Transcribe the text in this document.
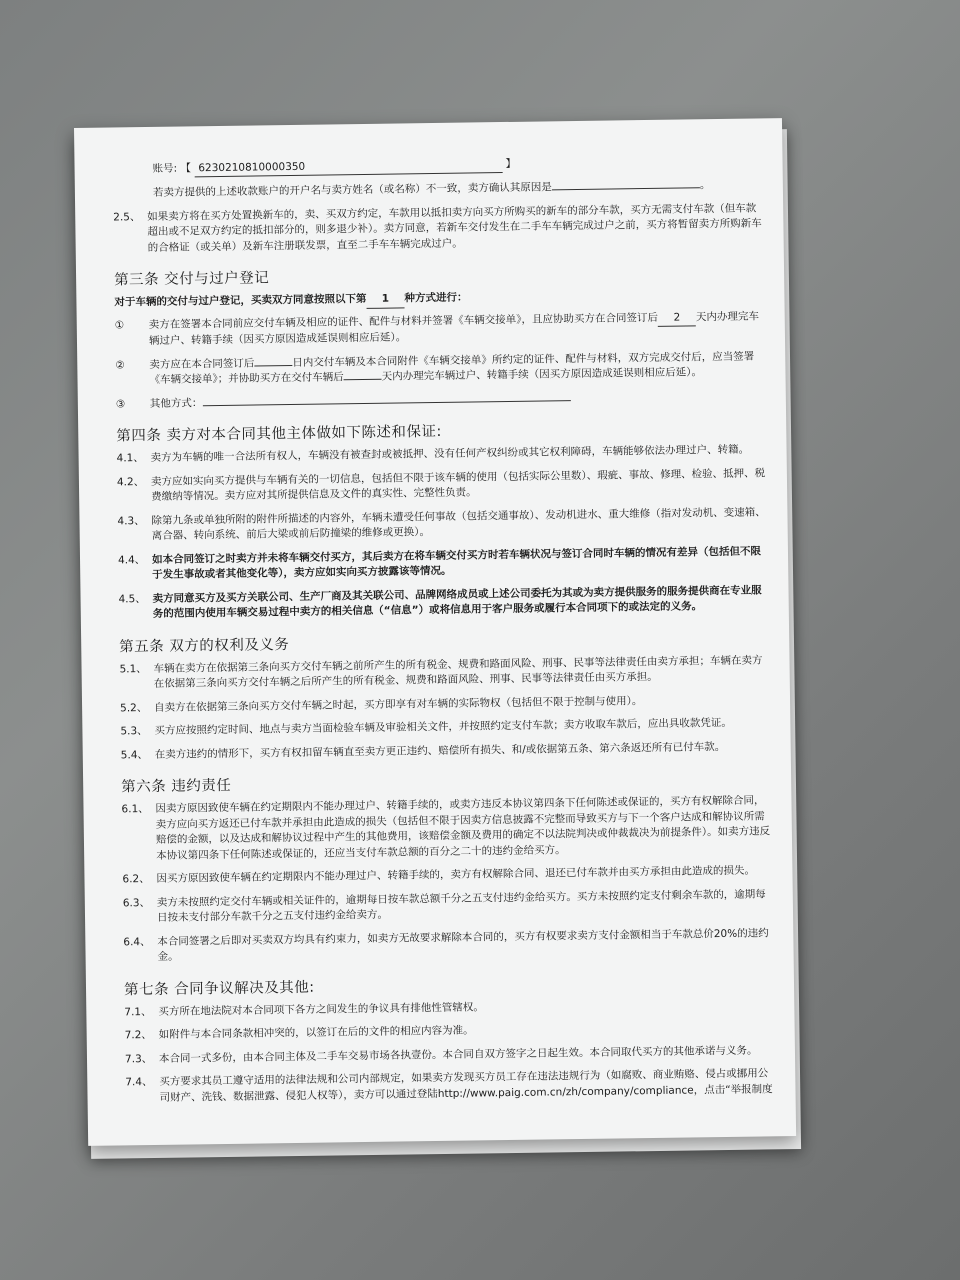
账号: 【 6230210810000350	】
若卖方提供的上述收款账户的开户名与卖方姓名（或名称）不一致，卖方确认其原因是	。
2.5、 如果卖方将在买方处置换新车的，卖、买双方约定，车款用以抵扣卖方向买方所购买的新车的部分车款，买方无需支付车款（但车款超出或不足双方约定的抵扣部分的，则多退少补）。卖方同意，若新车交付发生在二手车车辆完成过户之前，买方将暂留卖方所购新车的合格证（或关单）及新车注册联发票，直至二手车车辆完成过户。
第三条 交付与过户登记
对于车辆的交付与过户登记，买卖双方同意按照以下第 1 种方式进行：
①	卖方在签署本合同前应交付车辆及相应的证件、配件与材料并签署《车辆交接单》，且应协助买方在合同签订后 2 天内办理完车辆过户、转籍手续（因买方原因造成延误则相应后延）。
②	卖方应在本合同签订后	日内交付车辆及本合同附件《车辆交接单》所约定的证件、配件与材料，双方完成交付后，应当签署《车辆交接单》；并协助买方在交付车辆后	天内办理完车辆过户、转籍手续（因买方原因造成延误则相应后延）。
③	其他方式：
第四条 卖方对本合同其他主体做如下陈述和保证:
4.1、 卖方为车辆的唯一合法所有权人，车辆没有被查封或被抵押、没有任何产权纠纷或其它权利障碍，车辆能够依法办理过户、转籍。
4.2、 卖方应如实向买方提供与车辆有关的一切信息，包括但不限于该车辆的使用（包括实际公里数）、瑕疵、事故、修理、检验、抵押、税费缴纳等情况。卖方应对其所提供信息及文件的真实性、完整性负责。
4.3、 除第九条或单独所附的附件所描述的内容外，车辆未遭受任何事故（包括交通事故）、发动机进水、重大维修（指对发动机、变速箱、离合器、转向系统、前后大梁或前后防撞梁的维修或更换）。
4.4、 如本合同签订之时卖方并未将车辆交付买方，其后卖方在将车辆交付买方时若车辆状况与签订合同时车辆的情况有差异（包括但不限于发生事故或者其他变化等），卖方应如实向买方披露该等情况。
4.5、 卖方同意买方及买方关联公司、生产厂商及其关联公司、品牌网络成员或上述公司委托为其或为卖方提供服务的服务提供商在专业服务的范围内使用车辆交易过程中卖方的相关信息（“信息”）或将信息用于客户服务或履行本合同项下的或法定的义务。
第五条 双方的权利及义务
5.1、 车辆在卖方在依据第三条向买方交付车辆之前所产生的所有税金、规费和路面风险、刑事、民事等法律责任由卖方承担；车辆在卖方在依据第三条向买方交付车辆之后所产生的所有税金、规费和路面风险、刑事、民事等法律责任由买方承担。
5.2、 自卖方在依据第三条向买方交付车辆之时起，买方即享有对车辆的实际物权（包括但不限于控制与使用）。
5.3、 买方应按照约定时间、地点与卖方当面检验车辆及审验相关文件，并按照约定支付车款；卖方收取车款后，应出具收款凭证。
5.4、 在卖方违约的情形下，买方有权扣留车辆直至卖方更正违约、赔偿所有损失、和/或依据第五条、第六条返还所有已付车款。
第六条 违约责任
6.1、 因卖方原因致使车辆在约定期限内不能办理过户、转籍手续的，或卖方违反本协议第四条下任何陈述或保证的，买方有权解除合同，卖方应向买方返还已付车款并承担由此造成的损失（包括但不限于因卖方信息披露不完整而导致买方与下一个客户达成和解协议所需赔偿的金额，以及达成和解协议过程中产生的其他费用，该赔偿金额及费用的确定不以法院判决或仲裁裁决为前提条件）。如卖方违反本协议第四条下任何陈述或保证的，还应当支付车款总额的百分之二十的违约金给买方。
6.2、 因买方原因致使车辆在约定期限内不能办理过户、转籍手续的，卖方有权解除合同、退还已付车款并由买方承担由此造成的损失。
6.3、 卖方未按照约定交付车辆或相关证件的，逾期每日按车款总额千分之五支付违约金给买方。买方未按照约定支付剩余车款的，逾期每日按未支付部分车款千分之五支付违约金给卖方。
6.4、 本合同签署之后即对买卖双方均具有约束力，如卖方无故要求解除本合同的，买方有权要求卖方支付金额相当于车款总价20%的违约金。
第七条 合同争议解决及其他:
7.1、 买方所在地法院对本合同项下各方之间发生的争议具有排他性管辖权。
7.2、 如附件与本合同条款相冲突的，以签订在后的文件的相应内容为准。
7.3、 本合同一式多份，由本合同主体及二手车交易市场各执壹份。本合同自双方签字之日起生效。本合同取代买方的其他承诺与义务。
7.4、 买方要求其员工遵守适用的法律法规和公司内部规定，如果卖方发现买方员工存在违法违规行为（如腐败、商业贿赂、侵占或挪用公司财产、洗钱、数据泄露、侵犯人权等），卖方可以通过登陆http://www.paig.com.cn/zh/company/compliance，点击“举报制度
